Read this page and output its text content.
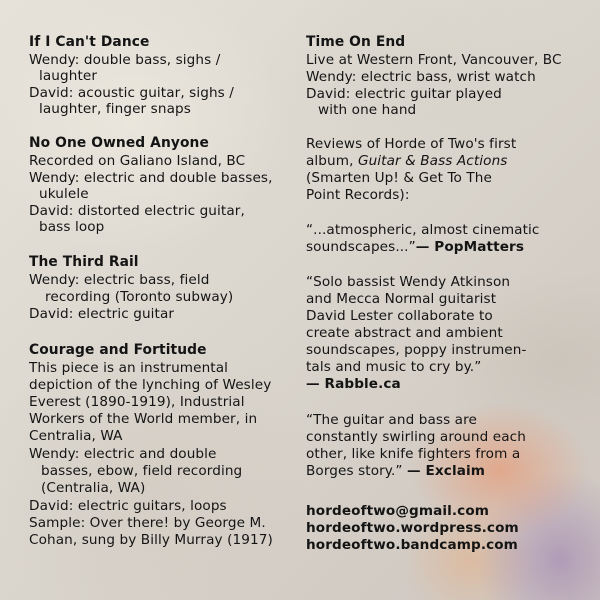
If I Can't Dance
Wendy: double bass, sighs /
laughter
David: acoustic guitar, sighs /
laughter, finger snaps
No One Owned Anyone
Recorded on Galiano Island, BC
Wendy: electric and double basses,
ukulele
David: distorted electric guitar,
bass loop
The Third Rail
Wendy: electric bass, field
recording (Toronto subway)
David: electric guitar
Courage and Fortitude
This piece is an instrumental
depiction of the lynching of Wesley
Everest (1890-1919), Industrial
Workers of the World member, in
Centralia, WA
Wendy: electric and double
basses, ebow, field recording
(Centralia, WA)
David: electric guitars, loops
Sample: Over there! by George M.
Cohan, sung by Billy Murray (1917)
Time On End
Live at Western Front, Vancouver, BC
Wendy: electric bass, wrist watch
David: electric guitar played
with one hand
Reviews of Horde of Two's first
album, Guitar & Bass Actions
(Smarten Up! & Get To The
Point Records):
“...atmospheric, almost cinematic
soundscapes...”— PopMatters
“Solo bassist Wendy Atkinson
and Mecca Normal guitarist
David Lester collaborate to
create abstract and ambient
soundscapes, poppy instrumen-
tals and music to cry by.”
— Rabble.ca
“The guitar and bass are
constantly swirling around each
other, like knife fighters from a
Borges story.” — Exclaim
hordeoftwo@gmail.com
hordeoftwo.wordpress.com
hordeoftwo.bandcamp.com
